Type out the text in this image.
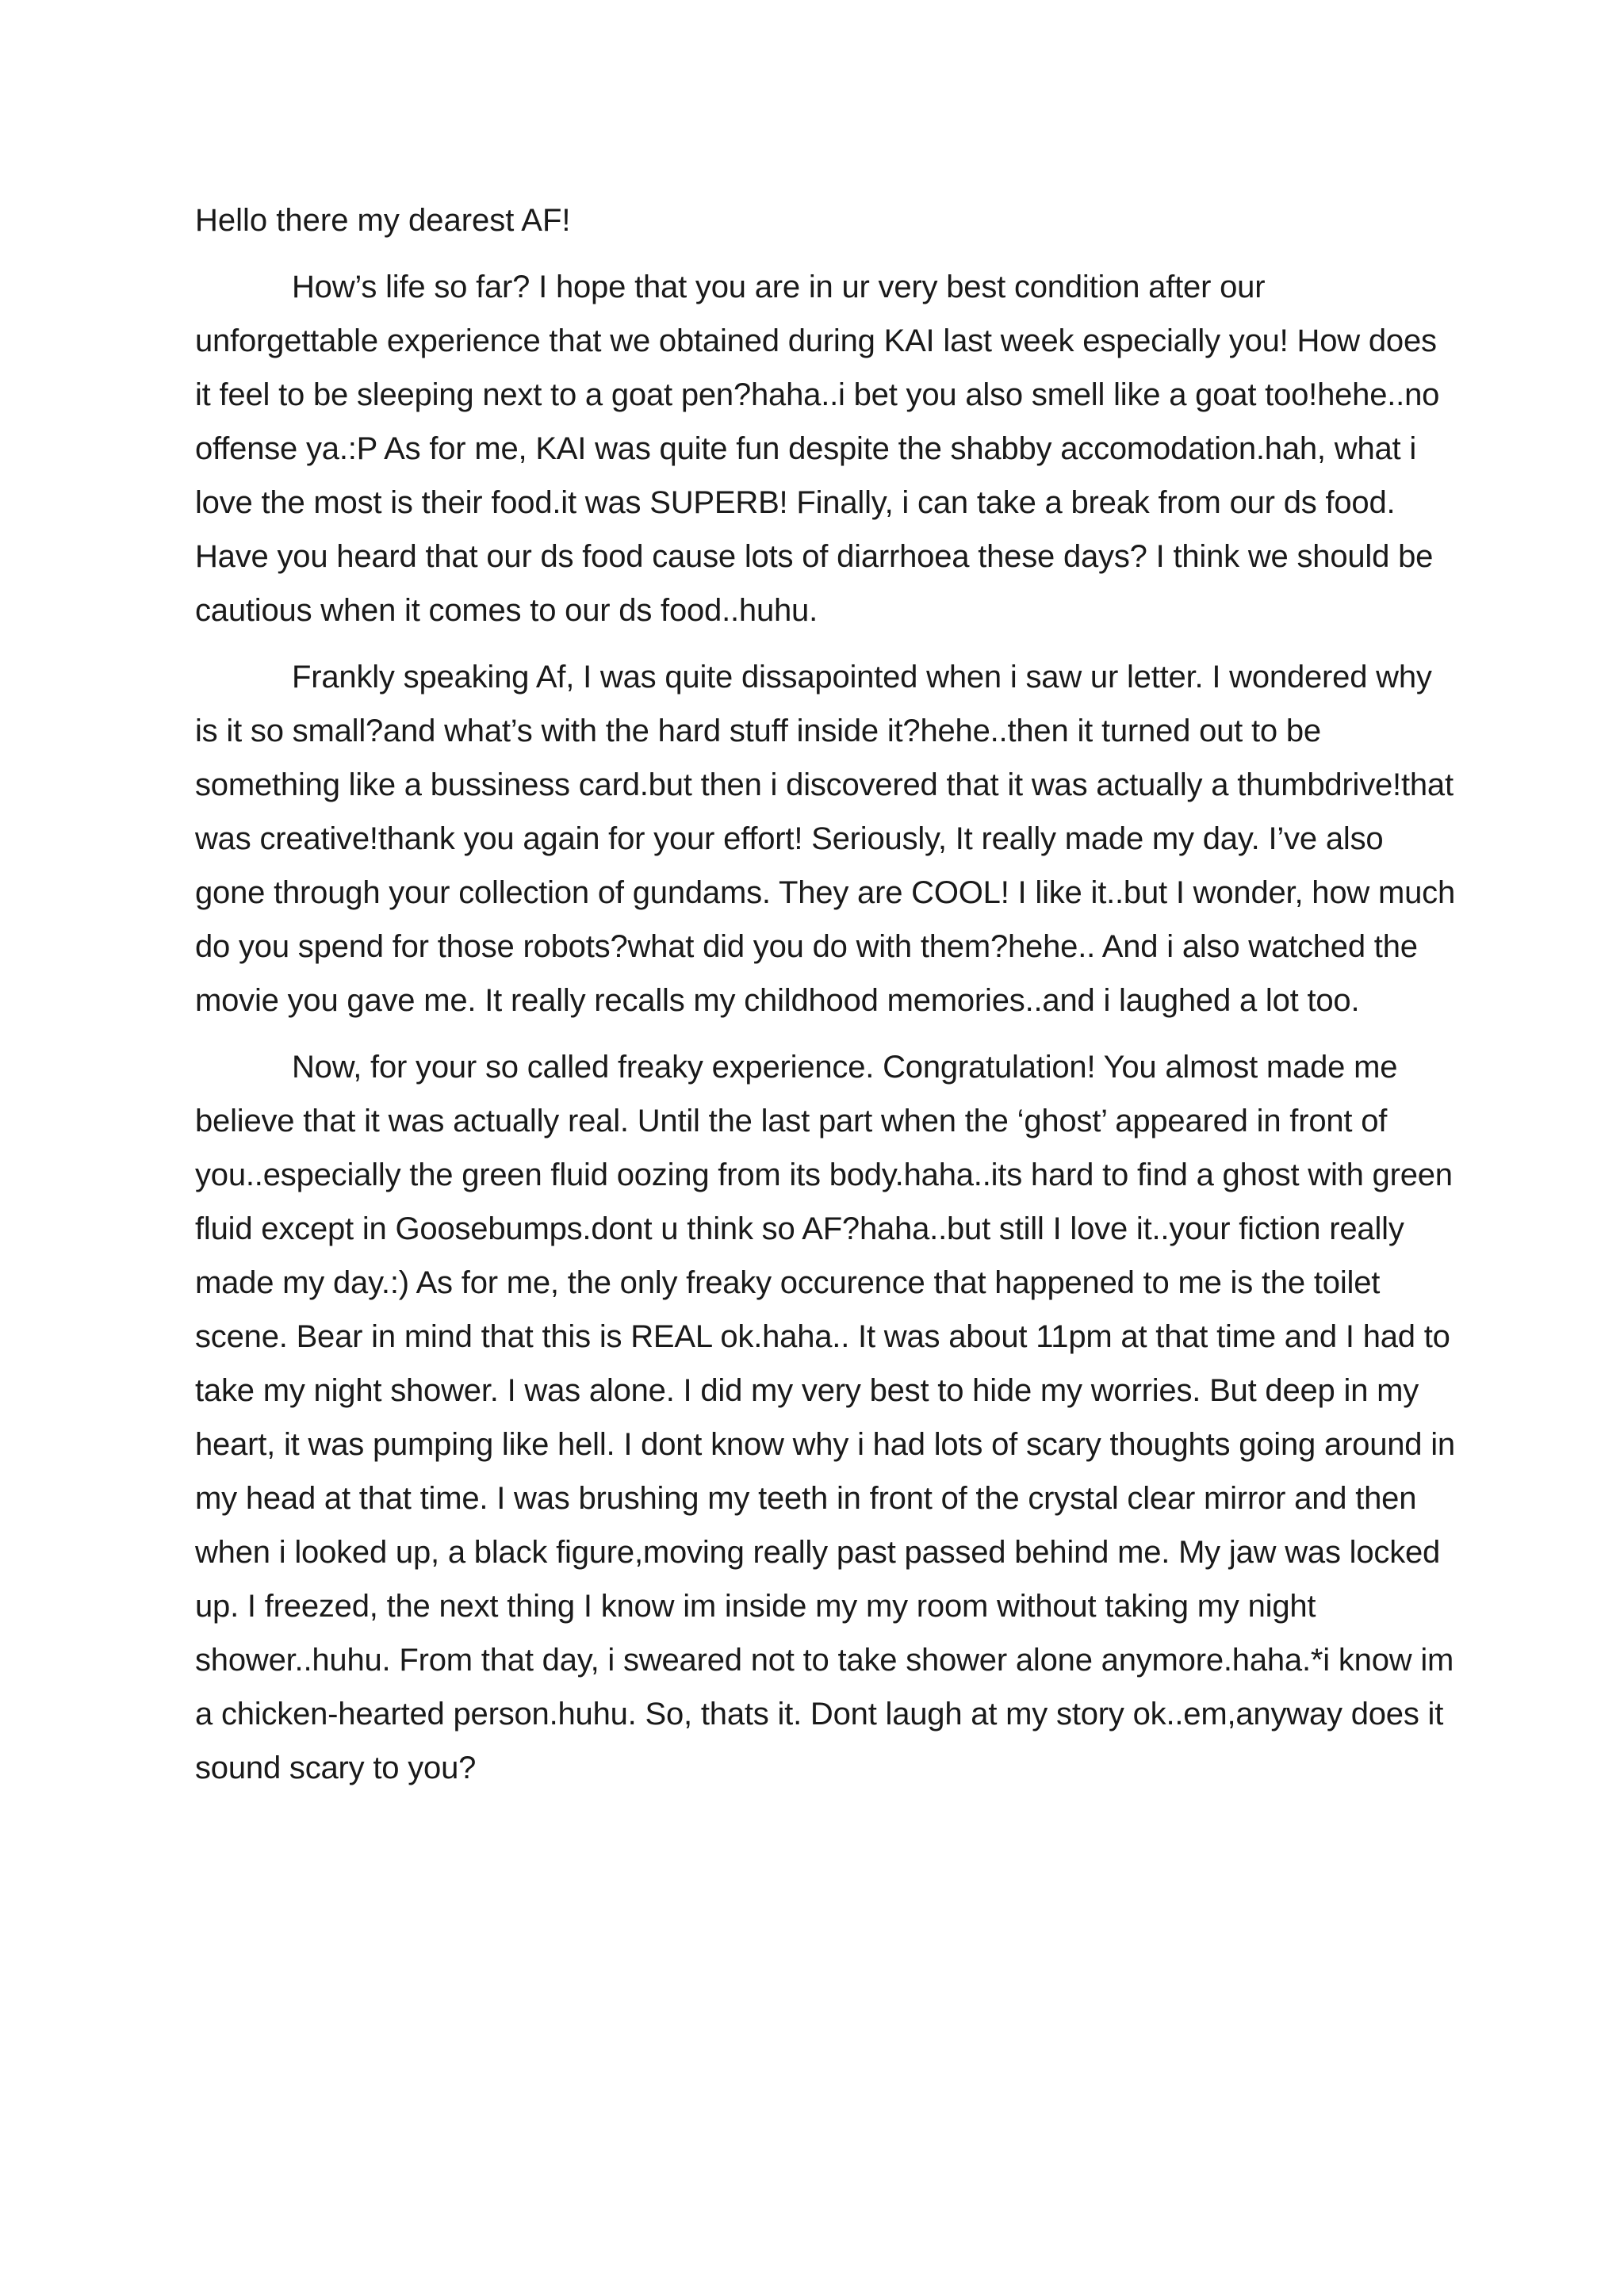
Hello there my dearest AF!

How’s life so far? I hope that you are in ur very best condition after our unforgettable experience that we obtained during KAI last week especially you! How does it feel to be sleeping next to a goat pen?haha..i bet you also smell like a goat too!hehe..no offense ya.:P As for me, KAI was quite fun despite the shabby accomodation.hah, what i love the most is their food.it was SUPERB! Finally, i can take a break from our ds food. Have you heard that our ds food cause lots of diarrhoea these days? I think we should be cautious when it comes to our ds food..huhu.

Frankly speaking Af, I was quite dissapointed when i saw ur letter. I wondered why is it so small?and what’s with the hard stuff inside it?hehe..then it turned out to be something like a bussiness card.but then i discovered that it was actually a thumbdrive!that was creative!thank you again for your effort! Seriously, It really made my day. I’ve also gone through your collection of gundams. They are COOL! I like it..but I wonder, how much do you spend for those robots?what did you do with them?hehe.. And i also watched the movie you gave me. It really recalls my childhood memories..and i laughed a lot too.

Now, for your so called freaky experience. Congratulation! You almost made me believe that it was actually real. Until the last part when the ‘ghost’ appeared in front of you..especially the green fluid oozing from its body.haha..its hard to find a ghost with green fluid except in Goosebumps.dont u think so AF?haha..but still I love it..your fiction really made my day.:) As for me, the only freaky occurence that happened to me is the toilet scene. Bear in mind that this is REAL ok.haha.. It was about 11pm at that time and I had to take my night shower. I was alone. I did my very best to hide my worries. But deep in my heart, it was pumping like hell. I dont know why i had lots of scary thoughts going around in my head at that time. I was brushing my teeth in front of the crystal clear mirror and then when i looked up, a black figure,moving really past passed behind me. My jaw was locked up. I freezed, the next thing I know im inside my my room without taking my night shower..huhu. From that day, i sweared not to take shower alone anymore.haha.*i know im a chicken-hearted person.huhu. So, thats it. Dont laugh at my story ok..em,anyway does it sound scary to you?
